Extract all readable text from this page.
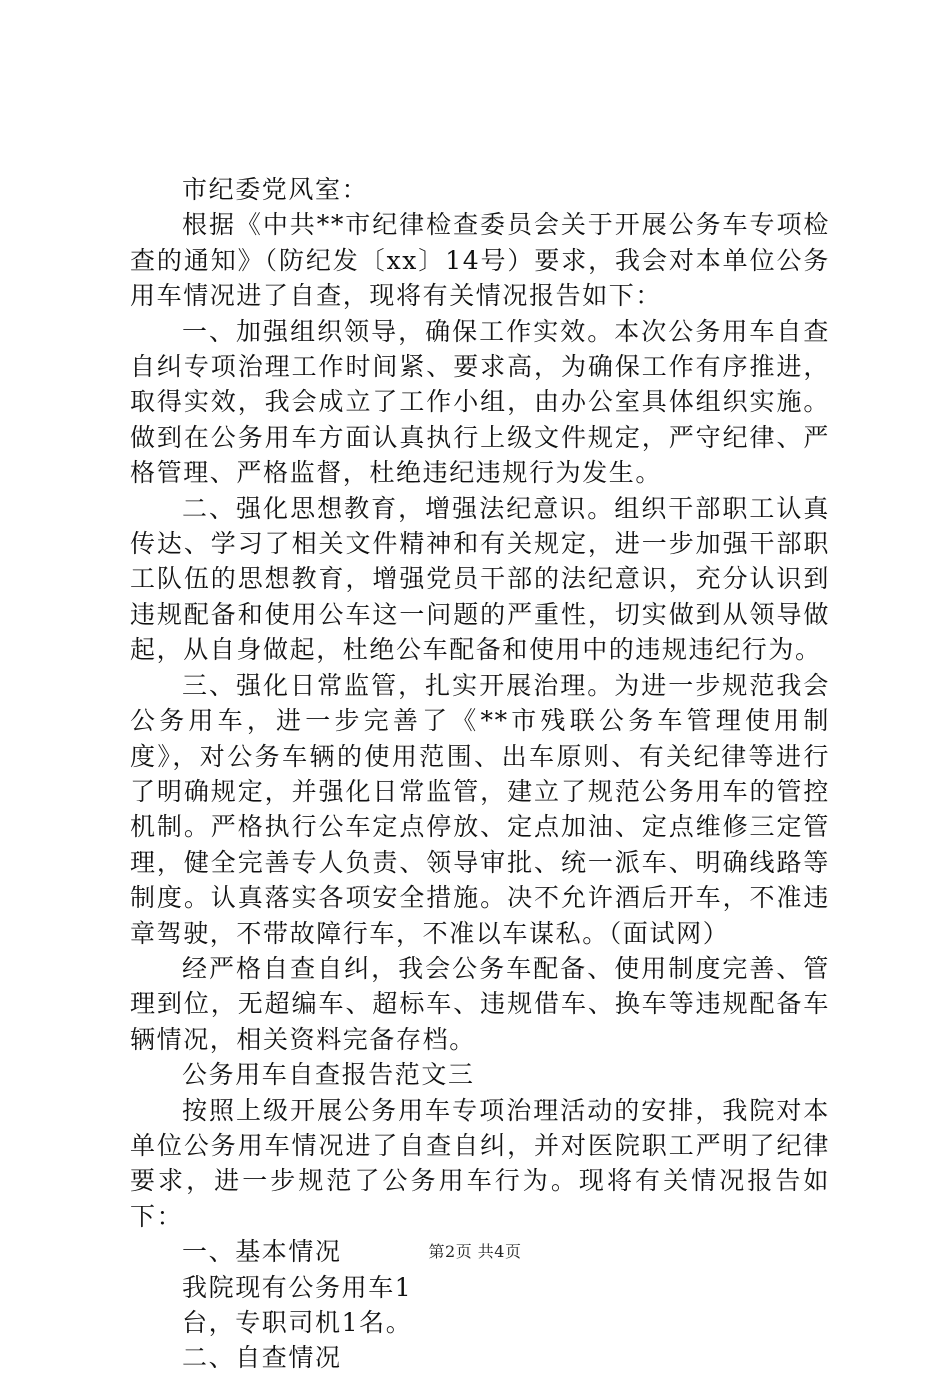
市纪委党风室：

根据《中共**市纪律检查委员会关于开展公务车专项检查的通知》（防纪发〔xx〕14号）要求，我会对本单位公务用车情况进了自查，现将有关情况报告如下：

一、加强组织领导，确保工作实效。本次公务用车自查自纠专项治理工作时间紧、要求高，为确保工作有序推进，取得实效，我会成立了工作小组，由办公室具体组织实施。做到在公务用车方面认真执行上级文件规定，严守纪律、严格管理、严格监督，杜绝违纪违规行为发生。

二、强化思想教育，增强法纪意识。组织干部职工认真传达、学习了相关文件精神和有关规定，进一步加强干部职工队伍的思想教育，增强党员干部的法纪意识，充分认识到违规配备和使用公车这一问题的严重性，切实做到从领导做起，从自身做起，杜绝公车配备和使用中的违规违纪行为。

三、强化日常监管，扎实开展治理。为进一步规范我会公务用车，进一步完善了《**市残联公务车管理使用制度》，对公务车辆的使用范围、出车原则、有关纪律等进行了明确规定，并强化日常监管，建立了规范公务用车的管控机制。严格执行公车定点停放、定点加油、定点维修三定管理，健全完善专人负责、领导审批、统一派车、明确线路等制度。认真落实各项安全措施。决不允许酒后开车，不准违章驾驶，不带故障行车，不准以车谋私。（面试网）

经严格自查自纠，我会公务车配备、使用制度完善、管理到位，无超编车、超标车、违规借车、换车等违规配备车辆情况，相关资料完备存档。

公务用车自查报告范文三

按照上级开展公务用车专项治理活动的安排，我院对本单位公务用车情况进了自查自纠，并对医院职工严明了纪律要求，进一步规范了公务用车行为。现将有关情况报告如下：

一、基本情况

我院现有公务用车1

台，专职司机1名。

二、自查情况

第2页 共4页
